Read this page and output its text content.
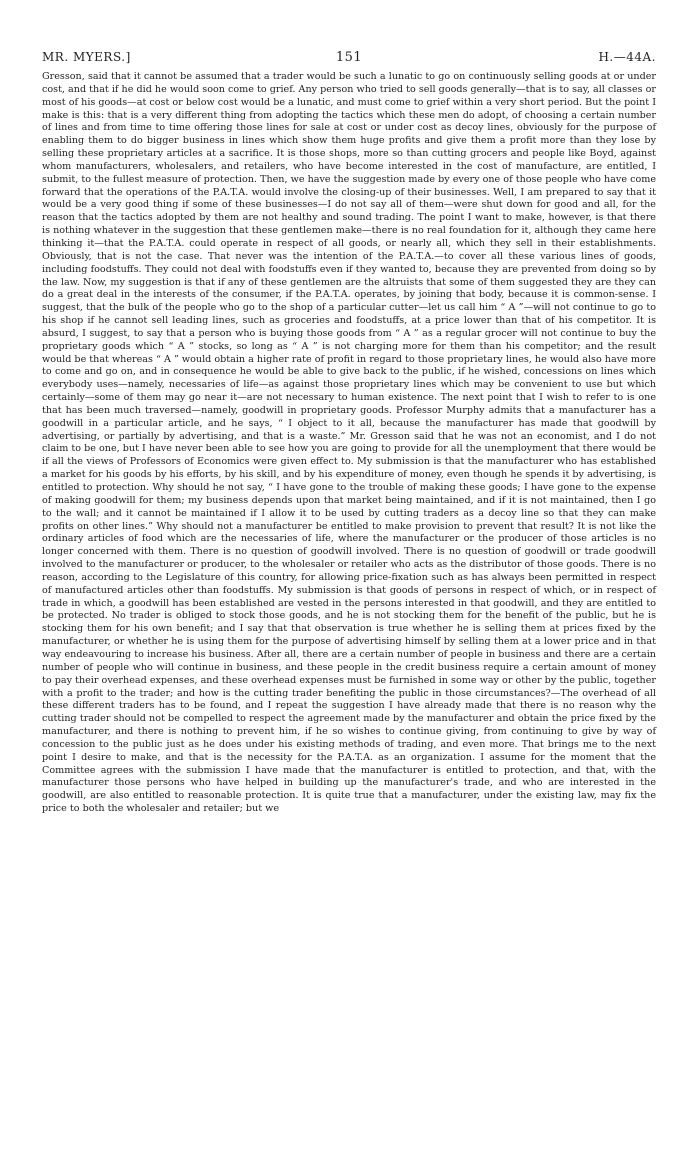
MR. MYERS.]	151	H.—44A.

Gresson, said that it cannot be assumed that a trader would be such a lunatic to go on continuously selling goods at or under cost, and that if he did he would soon come to grief. Any person who tried to sell goods generally—that is to say, all classes or most of his goods—at cost or below cost would be a lunatic, and must come to grief within a very short period. But the point I make is this: that is a very different thing from adopting the tactics which these men do adopt, of choosing a certain number of lines and from time to time offering those lines for sale at cost or under cost as decoy lines, obviously for the purpose of enabling them to do bigger business in lines which show them huge profits and give them a profit more than they lose by selling these proprietary articles at a sacrifice. It is those shops, more so than cutting grocers and people like Boyd, against whom manufacturers, wholesalers, and retailers, who have become interested in the cost of manufacture, are entitled, I submit, to the fullest measure of protection. Then, we have the suggestion made by every one of those people who have come forward that the operations of the P.A.T.A. would involve the closing-up of their businesses. Well, I am prepared to say that it would be a very good thing if some of these businesses—I do not say all of them—were shut down for good and all, for the reason that the tactics adopted by them are not healthy and sound trading. The point I want to make, however, is that there is nothing whatever in the suggestion that these gentlemen make—there is no real foundation for it, although they came here thinking it—that the P.A.T.A. could operate in respect of all goods, or nearly all, which they sell in their establishments. Obviously, that is not the case. That never was the intention of the P.A.T.A.—to cover all these various lines of goods, including foodstuffs. They could not deal with foodstuffs even if they wanted to, because they are prevented from doing so by the law. Now, my suggestion is that if any of these gentlemen are the altruists that some of them suggested they are they can do a great deal in the interests of the consumer, if the P.A.T.A. operates, by joining that body, because it is common-sense. I suggest, that the bulk of the people who go to the shop of a particular cutter—let us call him “ A ”—will not continue to go to his shop if he cannot sell leading lines, such as groceries and foodstuffs, at a price lower than that of his competitor. It is absurd, I suggest, to say that a person who is buying those goods from “ A ” as a regular grocer will not continue to buy the proprietary goods which “ A ” stocks, so long as “ A ” is not charging more for them than his competitor; and the result would be that whereas “ A ” would obtain a higher rate of profit in regard to those proprietary lines, he would also have more to come and go on, and in consequence he would be able to give back to the public, if he wished, concessions on lines which everybody uses—namely, necessaries of life—as against those proprietary lines which may be convenient to use but which certainly—some of them may go near it—are not necessary to human existence. The next point that I wish to refer to is one that has been much traversed—namely, goodwill in proprietary goods. Professor Murphy admits that a manufacturer has a goodwill in a particular article, and he says, “ I object to it all, because the manufacturer has made that goodwill by advertising, or partially by advertising, and that is a waste.” Mr. Gresson said that he was not an economist, and I do not claim to be one, but I have never been able to see how you are going to provide for all the unemployment that there would be if all the views of Professors of Economics were given effect to. My submission is that the manufacturer who has established a market for his goods by his efforts, by his skill, and by his expenditure of money, even though he spends it by advertising, is entitled to protection. Why should he not say, “ I have gone to the trouble of making these goods; I have gone to the expense of making goodwill for them; my business depends upon that market being maintained, and if it is not maintained, then I go to the wall; and it cannot be maintained if I allow it to be used by cutting traders as a decoy line so that they can make profits on other lines.” Why should not a manufacturer be entitled to make provision to prevent that result? It is not like the ordinary articles of food which are the necessaries of life, where the manufacturer or the producer of those articles is no longer concerned with them. There is no question of goodwill involved. There is no question of goodwill or trade goodwill involved to the manufacturer or producer, to the wholesaler or retailer who acts as the distributor of those goods. There is no reason, according to the Legislature of this country, for allowing price-fixation such as has always been permitted in respect of manufactured articles other than foodstuffs. My submission is that goods of persons in respect of which, or in respect of trade in which, a goodwill has been established are vested in the persons interested in that goodwill, and they are entitled to be protected. No trader is obliged to stock those goods, and he is not stocking them for the benefit of the public, but he is stocking them for his own benefit; and I say that that observation is true whether he is selling them at prices fixed by the manufacturer, or whether he is using them for the purpose of advertising himself by selling them at a lower price and in that way endeavouring to increase his business. After all, there are a certain number of people in business and there are a certain number of people who will continue in business, and these people in the credit business require a certain amount of money to pay their overhead expenses, and these overhead expenses must be furnished in some way or other by the public, together with a profit to the trader; and how is the cutting trader benefiting the public in those circumstances?—The overhead of all these different traders has to be found, and I repeat the suggestion I have already made that there is no reason why the cutting trader should not be compelled to respect the agreement made by the manufacturer and obtain the price fixed by the manufacturer, and there is nothing to prevent him, if he so wishes to continue giving, from continuing to give by way of concession to the public just as he does under his existing methods of trading, and even more. That brings me to the next point I desire to make, and that is the necessity for the P.A.T.A. as an organization. I assume for the moment that the Committee agrees with the submission I have made that the manufacturer is entitled to protection, and that, with the manufacturer those persons who have helped in building up the manufacturer's trade, and who are interested in the goodwill, are also entitled to reasonable protection. It is quite true that a manufacturer, under the existing law, may fix the price to both the wholesaler and retailer; but we
